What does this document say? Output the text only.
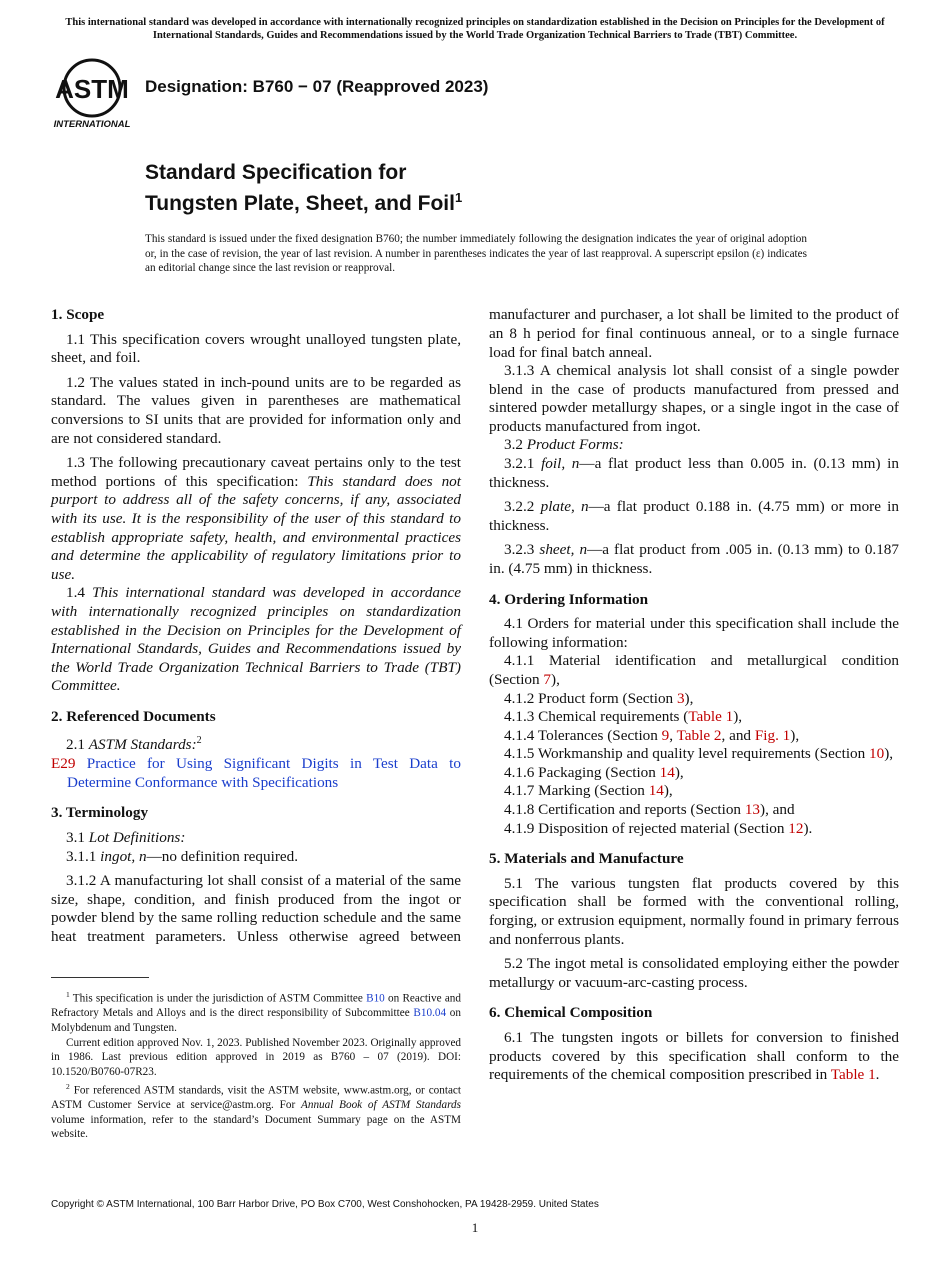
This international standard was developed in accordance with internationally recognized principles on standardization established in the Decision on Principles for the Development of International Standards, Guides and Recommendations issued by the World Trade Organization Technical Barriers to Trade (TBT) Committee.
ASTM
INTERNATIONAL
Designation: B760 − 07 (Reapproved 2023)
Standard Specification for
Tungsten Plate, Sheet, and Foil$^1$
This standard is issued under the fixed designation B760; the number immediately following the designation indicates the year of original adoption or, in the case of revision, the year of last revision. A number in parentheses indicates the year of last reapproval. A superscript epsilon (ε) indicates an editorial change since the last revision or reapproval.
1. Scope

1.1 This specification covers wrought unalloyed tungsten plate, sheet, and foil.

1.2 The values stated in inch-pound units are to be regarded as standard. The values given in parentheses are mathematical conversions to SI units that are provided for information only and are not considered standard.

1.3 The following precautionary caveat pertains only to the test method portions of this specification: This standard does not purport to address all of the safety concerns, if any, associated with its use. It is the responsibility of the user of this standard to establish appropriate safety, health, and environmental practices and determine the applicability of regulatory limitations prior to use.

1.4 This international standard was developed in accordance with internationally recognized principles on standardization established in the Decision on Principles for the Development of International Standards, Guides and Recommendations issued by the World Trade Organization Technical Barriers to Trade (TBT) Committee.

2. Referenced Documents

2.1 ASTM Standards:$^2$

E29 Practice for Using Significant Digits in Test Data to Determine Conformance with Specifications

3. Terminology

3.1 Lot Definitions:

3.1.1 ingot, n—no definition required.

3.1.2 A manufacturing lot shall consist of a material of the same size, shape, condition, and finish produced from the ingot or powder blend by the same rolling reduction schedule and the same heat treatment parameters. Unless otherwise agreed between

manufacturer and purchaser, a lot shall be limited to the product of an 8 h period for final continuous anneal, or to a single furnace load for final batch anneal.

3.1.3 A chemical analysis lot shall consist of a single powder blend in the case of products manufactured from pressed and sintered powder metallurgy shapes, or a single ingot in the case of products manufactured from ingot.

3.2 Product Forms:

3.2.1 foil, n—a flat product less than 0.005 in. (0.13 mm) in thickness.

3.2.2 plate, n—a flat product 0.188 in. (4.75 mm) or more in thickness.

3.2.3 sheet, n—a flat product from .005 in. (0.13 mm) to 0.187 in. (4.75 mm) in thickness.

4. Ordering Information

4.1 Orders for material under this specification shall include the following information:

4.1.1 Material identification and metallurgical condition (Section 7),

4.1.2 Product form (Section 3),

4.1.3 Chemical requirements (Table 1),

4.1.4 Tolerances (Section 9, Table 2, and Fig. 1),

4.1.5 Workmanship and quality level requirements (Section 10),

4.1.6 Packaging (Section 14),

4.1.7 Marking (Section 14),

4.1.8 Certification and reports (Section 13), and

4.1.9 Disposition of rejected material (Section 12).

5. Materials and Manufacture

5.1 The various tungsten flat products covered by this specification shall be formed with the conventional rolling, forging, or extrusion equipment, normally found in primary ferrous and nonferrous plants.

5.2 The ingot metal is consolidated employing either the powder metallurgy or vacuum-arc-casting process.

6. Chemical Composition

6.1 The tungsten ingots or billets for conversion to finished products covered by this specification shall conform to the requirements of the chemical composition prescribed in Table 1.

$^1$ This specification is under the jurisdiction of ASTM Committee B10 on Reactive and Refractory Metals and Alloys and is the direct responsibility of Subcommittee B10.04 on Molybdenum and Tungsten.

Current edition approved Nov. 1, 2023. Published November 2023. Originally approved in 1986. Last previous edition approved in 2019 as B760 – 07 (2019). DOI: 10.1520/B0760-07R23.

$^2$ For referenced ASTM standards, visit the ASTM website, www.astm.org, or contact ASTM Customer Service at service@astm.org. For Annual Book of ASTM Standards volume information, refer to the standard’s Document Summary page on the ASTM website.

Copyright © ASTM International, 100 Barr Harbor Drive, PO Box C700, West Conshohocken, PA 19428-2959. United States
1
